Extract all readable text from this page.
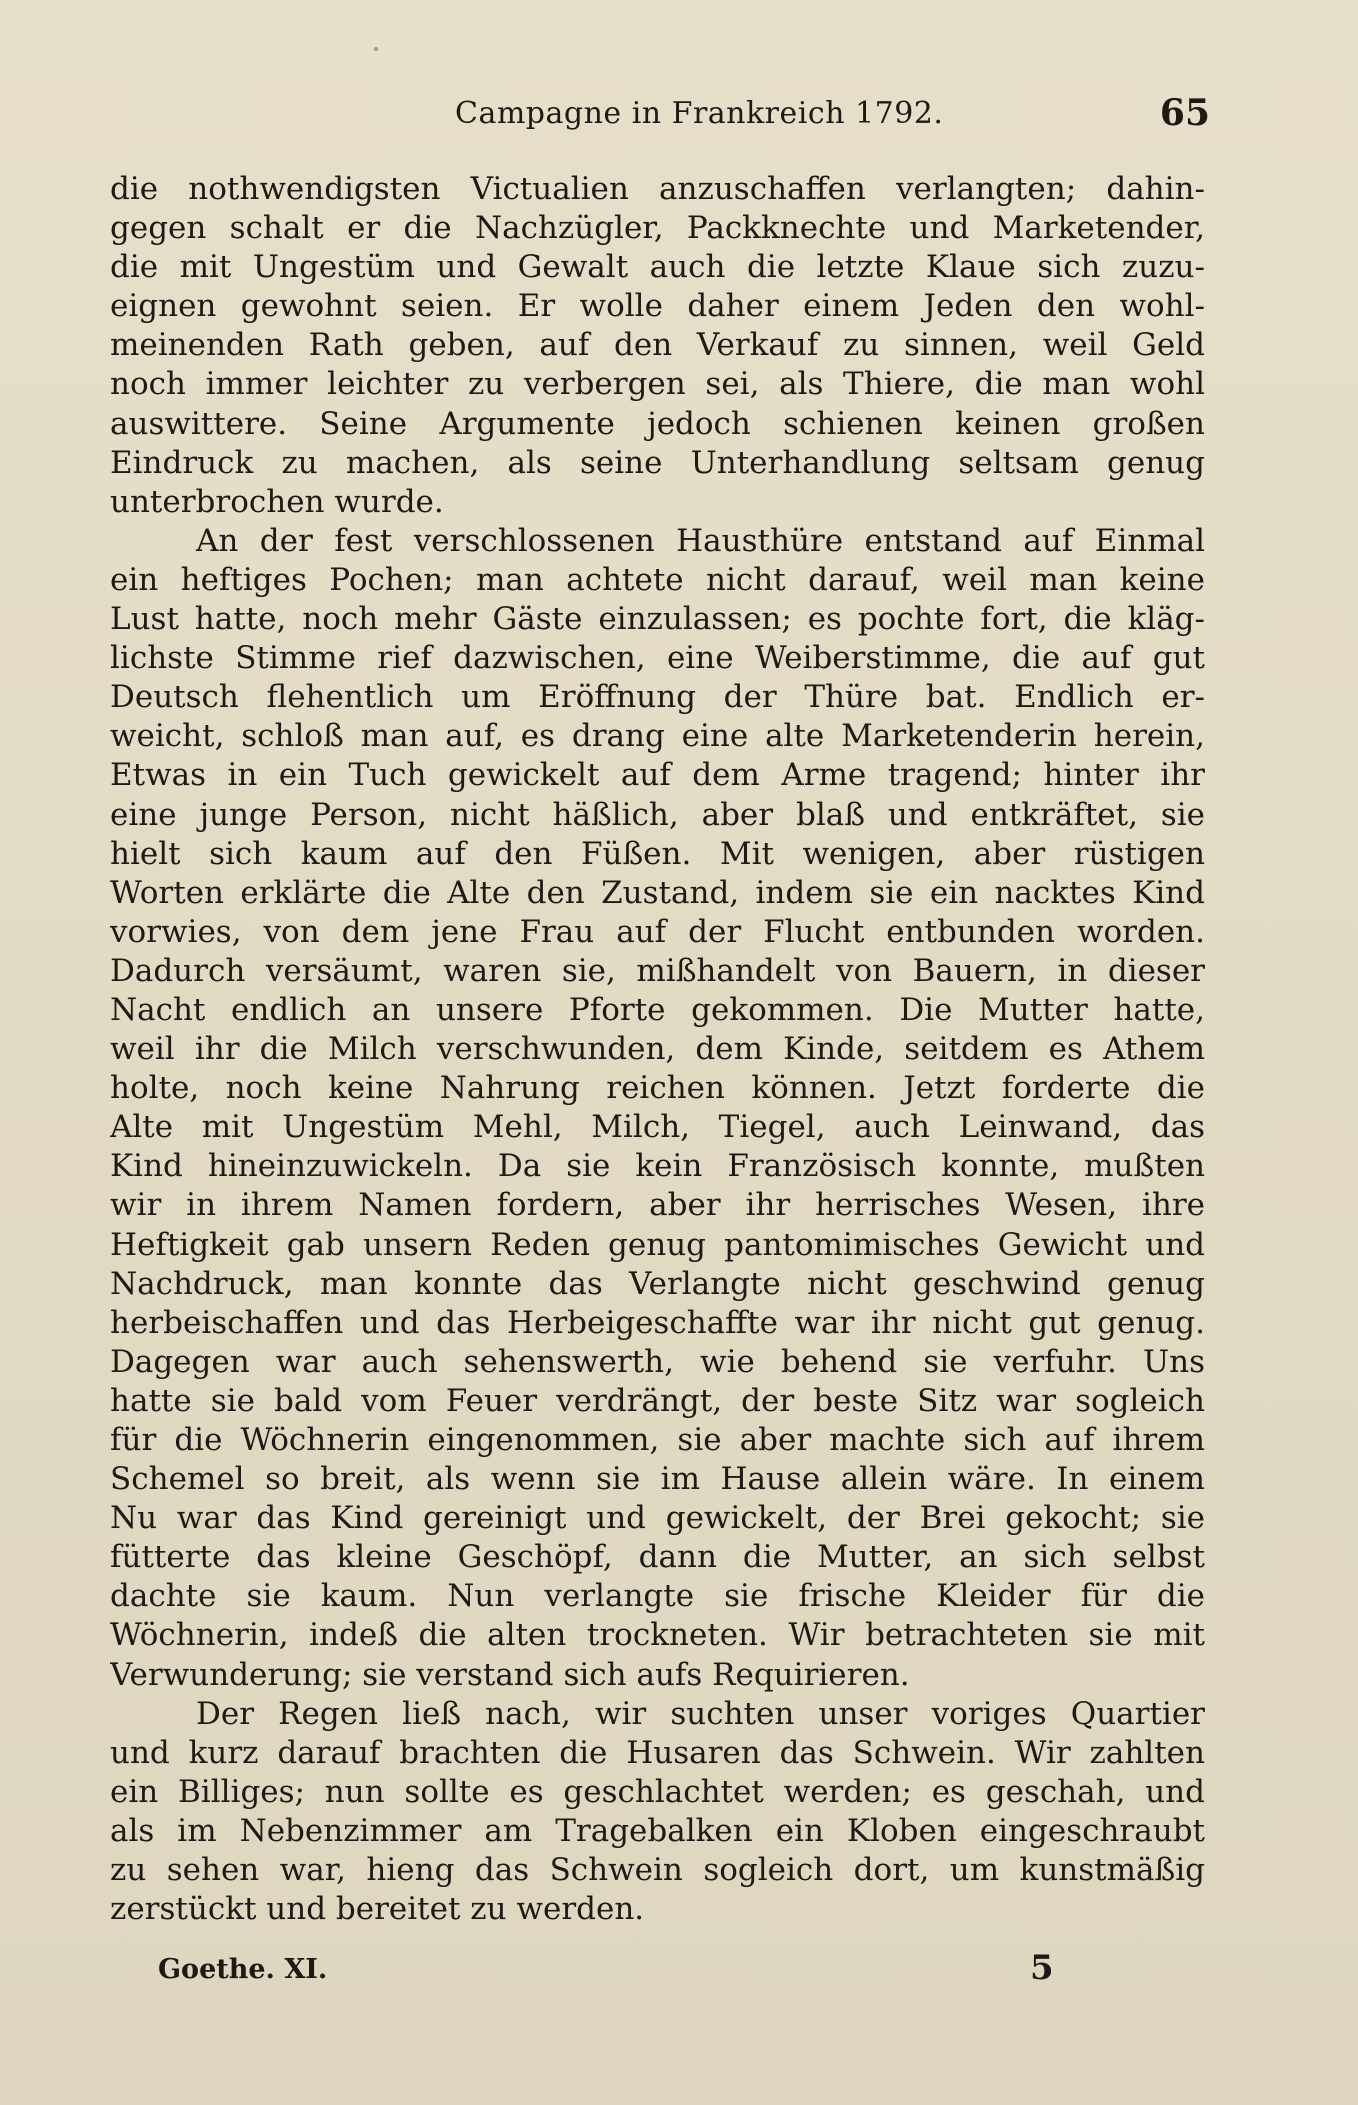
Campagne in Frankreich 1792.	65
die nothwendigsten Victualien anzuschaffen verlangten; dahin-
gegen schalt er die Nachzügler, Packknechte und Marketender,
die mit Ungestüm und Gewalt auch die letzte Klaue sich zuzu-
eignen gewohnt seien. Er wolle daher einem Jeden den wohl-
meinenden Rath geben, auf den Verkauf zu sinnen, weil Geld
noch immer leichter zu verbergen sei, als Thiere, die man wohl
auswittere. Seine Argumente jedoch schienen keinen großen
Eindruck zu machen, als seine Unterhandlung seltsam genug
unterbrochen wurde.
An der fest verschlossenen Hausthüre entstand auf Einmal
ein heftiges Pochen; man achtete nicht darauf, weil man keine
Lust hatte, noch mehr Gäste einzulassen; es pochte fort, die kläg-
lichste Stimme rief dazwischen, eine Weiberstimme, die auf gut
Deutsch flehentlich um Eröffnung der Thüre bat. Endlich er-
weicht, schloß man auf, es drang eine alte Marketenderin herein,
Etwas in ein Tuch gewickelt auf dem Arme tragend; hinter ihr
eine junge Person, nicht häßlich, aber blaß und entkräftet, sie
hielt sich kaum auf den Füßen. Mit wenigen, aber rüstigen
Worten erklärte die Alte den Zustand, indem sie ein nacktes Kind
vorwies, von dem jene Frau auf der Flucht entbunden worden.
Dadurch versäumt, waren sie, mißhandelt von Bauern, in dieser
Nacht endlich an unsere Pforte gekommen. Die Mutter hatte,
weil ihr die Milch verschwunden, dem Kinde, seitdem es Athem
holte, noch keine Nahrung reichen können. Jetzt forderte die
Alte mit Ungestüm Mehl, Milch, Tiegel, auch Leinwand, das
Kind hineinzuwickeln. Da sie kein Französisch konnte, mußten
wir in ihrem Namen fordern, aber ihr herrisches Wesen, ihre
Heftigkeit gab unsern Reden genug pantomimisches Gewicht und
Nachdruck, man konnte das Verlangte nicht geschwind genug
herbeischaffen und das Herbeigeschaffte war ihr nicht gut genug.
Dagegen war auch sehenswerth, wie behend sie verfuhr. Uns
hatte sie bald vom Feuer verdrängt, der beste Sitz war sogleich
für die Wöchnerin eingenommen, sie aber machte sich auf ihrem
Schemel so breit, als wenn sie im Hause allein wäre. In einem
Nu war das Kind gereinigt und gewickelt, der Brei gekocht; sie
fütterte das kleine Geschöpf, dann die Mutter, an sich selbst
dachte sie kaum. Nun verlangte sie frische Kleider für die
Wöchnerin, indeß die alten trockneten. Wir betrachteten sie mit
Verwunderung; sie verstand sich aufs Requirieren.
Der Regen ließ nach, wir suchten unser voriges Quartier
und kurz darauf brachten die Husaren das Schwein. Wir zahlten
ein Billiges; nun sollte es geschlachtet werden; es geschah, und
als im Nebenzimmer am Tragebalken ein Kloben eingeschraubt
zu sehen war, hieng das Schwein sogleich dort, um kunstmäßig
zerstückt und bereitet zu werden.
Goethe. XI.	5
